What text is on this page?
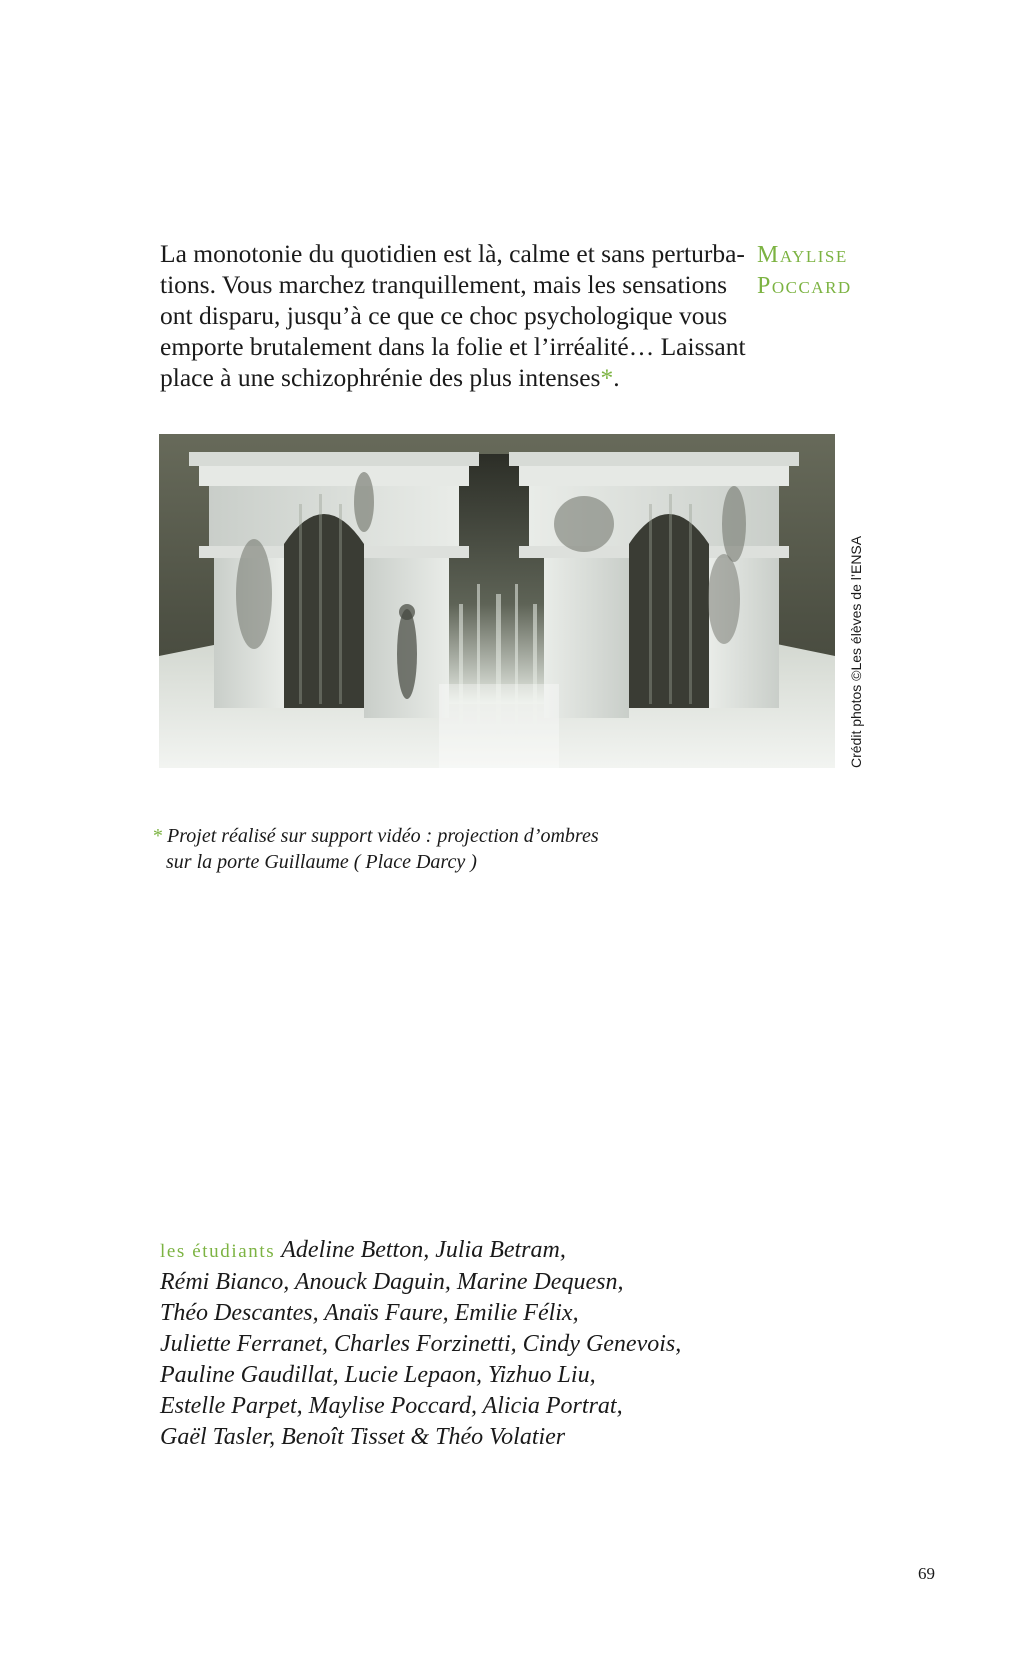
La monotonie du quotidien est là, calme et sans perturba-
tions. Vous marchez tranquillement, mais les sensations
ont disparu, jusqu’à ce que ce choc psychologique vous
emporte brutalement dans la folie et l’irréalité… Laissant
place à une schizophrénie des plus intenses*.

Maylise
Poccard
Crédit photos ©Les élèves de l’ENSA
* Projet réalisé sur support vidéo : projection d’ombres
sur la porte Guillaume ( Place Darcy )
les étudiants Adeline Betton, Julia Betram,
Rémi Bianco, Anouck Daguin, Marine Dequesn,
Théo Descantes, Anaïs Faure, Emilie Félix,
Juliette Ferranet, Charles Forzinetti, Cindy Genevois,
Pauline Gaudillat, Lucie Lepaon, Yizhuo Liu,
Estelle Parpet, Maylise Poccard, Alicia Portrat,
Gaël Tasler, Benoît Tisset & Théo Volatier
69
